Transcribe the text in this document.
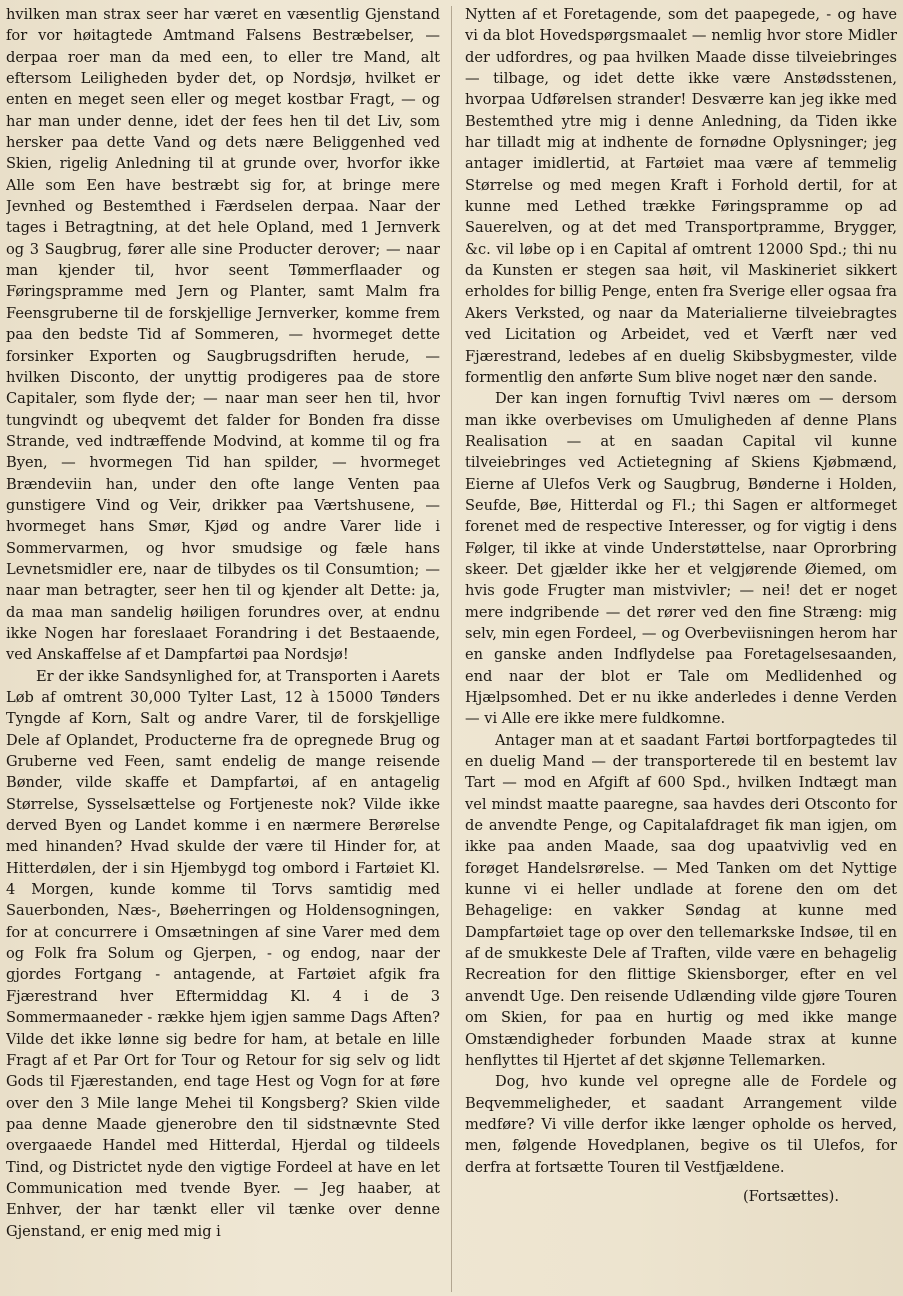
hvilken man strax seer har været en væsentlig Gjenstand for vor høitagtede Amtmand Falsens Bestræbelser, — derpaa roer man da med een, to eller tre Mand, alt eftersom Leiligheden byder det, op Nordsjø, hvilket er enten en meget seen eller og meget kostbar Fragt, — og har man under denne, idet der fees hen til det Liv, som hersker paa dette Vand og dets nære Beliggenhed ved Skien, rigelig Anledning til at grunde over, hvorfor ikke Alle som Een have bestræbt sig for, at bringe mere Jevnhed og Bestemthed i Færdselen derpaa. Naar der tages i Betragtning, at det hele Opland, med 1 Jernverk og 3 Saugbrug, fører alle sine Producter derover; — naar man kjender til, hvor seent Tømmerflaader og Føringspramme med Jern og Planter, samt Malm fra Feensgruberne til de forskjellige Jernverker, komme frem paa den bedste Tid af Sommeren, — hvormeget dette forsinker Exporten og Saugbrugsdriften herude, — hvilken Disconto, der unyttig prodigeres paa de store Capitaler, som flyde der; — naar man seer hen til, hvor tungvindt og ubeqvemt det falder for Bonden fra disse Strande, ved indtræffende Modvind, at komme til og fra Byen, — hvormegen Tid han spilder, — hvormeget Brændeviin han, under den ofte lange Venten paa gunstigere Vind og Veir, drikker paa Værtshusene, — hvormeget hans Smør, Kjød og andre Varer lide i Sommervarmen, og hvor smudsige og fæle hans Levnetsmidler ere, naar de tilbydes os til Consumtion; — naar man betragter, seer hen til og kjender alt Dette: ja, da maa man sandelig høiligen forundres over, at endnu ikke Nogen har foreslaaet Forandring i det Bestaaende, ved Anskaffelse af et Dampfartøi paa Nordsjø!

Er der ikke Sandsynlighed for, at Transporten i Aarets Løb af omtrent 30,000 Tylter Last, 12 à 15000 Tønders Tyngde af Korn, Salt og andre Varer, til de forskjellige Dele af Oplandet, Producterne fra de opregnede Brug og Gruberne ved Feen, samt endelig de mange reisende Bønder, vilde skaffe et Dampfartøi, af en antagelig Størrelse, Sysselsættelse og Fortjeneste nok? Vilde ikke derved Byen og Landet komme i en nærmere Berørelse med hinanden? Hvad skulde der være til Hinder for, at Hitterdølen, der i sin Hjembygd tog ombord i Fartøiet Kl. 4 Morgen, kunde komme til Torvs samtidig med Sauerbonden, Næs-, Bøeherringen og Holdensogningen, for at concurrere i Omsætningen af sine Varer med dem og Folk fra Solum og Gjerpen, - og endog, naar der gjordes Fortgang - antagende, at Fartøiet afgik fra Fjærestrand hver Eftermiddag Kl. 4 i de 3 Sommermaaneder - række hjem igjen samme Dags Aften? Vilde det ikke lønne sig bedre for ham, at betale en lille Fragt af et Par Ort for Tour og Retour for sig selv og lidt Gods til Fjærestanden, end tage Hest og Vogn for at føre over den 3 Mile lange Mehei til Kongsberg? Skien vilde paa denne Maade gjenerobre den til sidstnævnte Sted overgaaede Handel med Hitterdal, Hjerdal og tildeels Tind, og Districtet nyde den vigtige Fordeel at have en let Communication med tvende Byer. — Jeg haaber, at Enhver, der har tænkt eller vil tænke over denne Gjenstand, er enig med mig i

Nytten af et Foretagende, som det paapegede, - og have vi da blot Hovedspørgsmaalet — nemlig hvor store Midler der udfordres, og paa hvilken Maade disse tilveiebringes — tilbage, og idet dette ikke være Anstødsstenen, hvorpaa Udførelsen strander! Desværre kan jeg ikke med Bestemthed ytre mig i denne Anledning, da Tiden ikke har tilladt mig at indhente de fornødne Oplysninger; jeg antager imidlertid, at Fartøiet maa være af temmelig Størrelse og med megen Kraft i Forhold dertil, for at kunne med Lethed trække Føringspramme op ad Sauerelven, og at det med Transportpramme, Brygger, &c. vil løbe op i en Capital af omtrent 12000 Spd.; thi nu da Kunsten er stegen saa høit, vil Maskineriet sikkert erholdes for billig Penge, enten fra Sverige eller ogsaa fra Akers Verksted, og naar da Materialierne tilveiebragtes ved Licitation og Arbeidet, ved et Værft nær ved Fjærestrand, ledebes af en duelig Skibsbygmester, vilde formentlig den anførte Sum blive noget nær den sande.

Der kan ingen fornuftig Tvivl næres om — dersom man ikke overbevises om Umuligheden af denne Plans Realisation — at en saadan Capital vil kunne tilveiebringes ved Actietegning af Skiens Kjøbmænd, Eierne af Ulefos Verk og Saugbrug, Bønderne i Holden, Seufde, Bøe, Hitterdal og Fl.; thi Sagen er altformeget forenet med de respective Interesser, og for vigtig i dens Følger, til ikke at vinde Understøttelse, naar Oprorbring skeer. Det gjælder ikke her et velgjørende Øiemed, om hvis gode Frugter man mistvivler; — nei! det er noget mere indgribende — det rører ved den fine Stræng: mig selv, min egen Fordeel, — og Overbeviisningen herom har en ganske anden Indflydelse paa Foretagelsesaanden, end naar der blot er Tale om Medlidenhed og Hjælpsomhed. Det er nu ikke anderledes i denne Verden — vi Alle ere ikke mere fuldkomne.

Antager man at et saadant Fartøi bortforpagtedes til en duelig Mand — der transporterede til en bestemt lav Tart — mod en Afgift af 600 Spd., hvilken Indtægt man vel mindst maatte paaregne, saa havdes deri Otsconto for de anvendte Penge, og Capitalafdraget fik man igjen, om ikke paa anden Maade, saa dog upaatvivlig ved en forøget Handelsrørelse. — Med Tanken om det Nyttige kunne vi ei heller undlade at forene den om det Behagelige: en vakker Søndag at kunne med Dampfartøiet tage op over den tellemarkske Indsøe, til en af de smukkeste Dele af Traften, vilde være en behagelig Recreation for den flittige Skiensborger, efter en vel anvendt Uge. Den reisende Udlænding vilde gjøre Touren om Skien, for paa en hurtig og med ikke mange Omstændigheder forbunden Maade strax at kunne henflyttes til Hjertet af det skjønne Tellemarken.

Dog, hvo kunde vel opregne alle de Fordele og Beqvemmeligheder, et saadant Arrangement vilde medføre? Vi ville derfor ikke længer opholde os herved, men, følgende Hovedplanen, begive os til Ulefos, for derfra at fortsætte Touren til Vestfjældene.

(Fortsættes).
